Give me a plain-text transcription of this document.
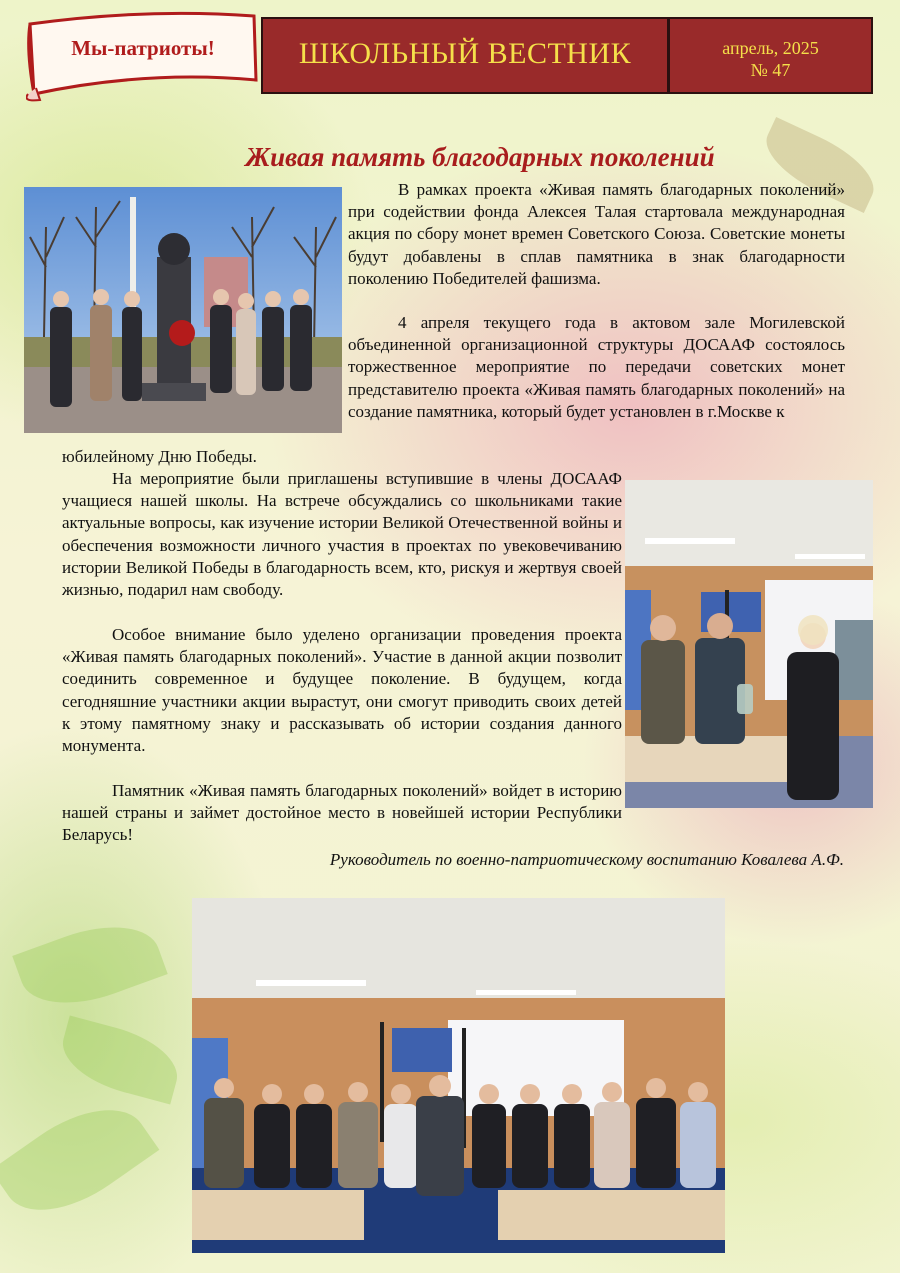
Мы-патриоты!	ШКОЛЬНЫЙ ВЕСТНИК	апрель, 2025
№ 47
Живая память благодарных поколений

В рамках проекта «Живая память благодарных поколений» при содействии фонда Алексея Талая стартовала международная акция по сбору монет времен Советского Союза. Советские монеты будут добавлены в сплав памятника в знак благодарности поколению Победителей фашизма.

4 апреля текущего года в актовом зале Могилевской объединенной организационной структуры ДОСААФ состоялось торжественное мероприятие по передачи советских монет представителю проекта «Живая память благодарных поколений» на создание памятника, который будет установлен в г.Москве к

юбилейному Дню Победы.

На мероприятие были приглашены вступившие в члены ДОСААФ учащиеся нашей школы. На встрече обсуждались со школьниками такие актуальные вопросы, как изучение истории Великой Отечественной войны и обеспечения возможности личного участия в проектах по увековечиванию истории Великой Победы в благодарность всем, кто, рискуя и жертвуя своей жизнью, подарил нам свободу.

Особое внимание было уделено организации проведения проекта «Живая память благодарных поколений». Участие в данной акции позволит соединить современное и будущее поколение. В будущем, когда сегодняшние участники акции вырастут, они смогут приводить своих детей к этому памятному знаку и рассказывать об истории создания данного монумента.

Памятник «Живая память благодарных поколений» войдет в историю нашей страны и займет достойное место в новейшей истории Республики Беларусь!

Руководитель по военно-патриотическому воспитанию Ковалева А.Ф.
